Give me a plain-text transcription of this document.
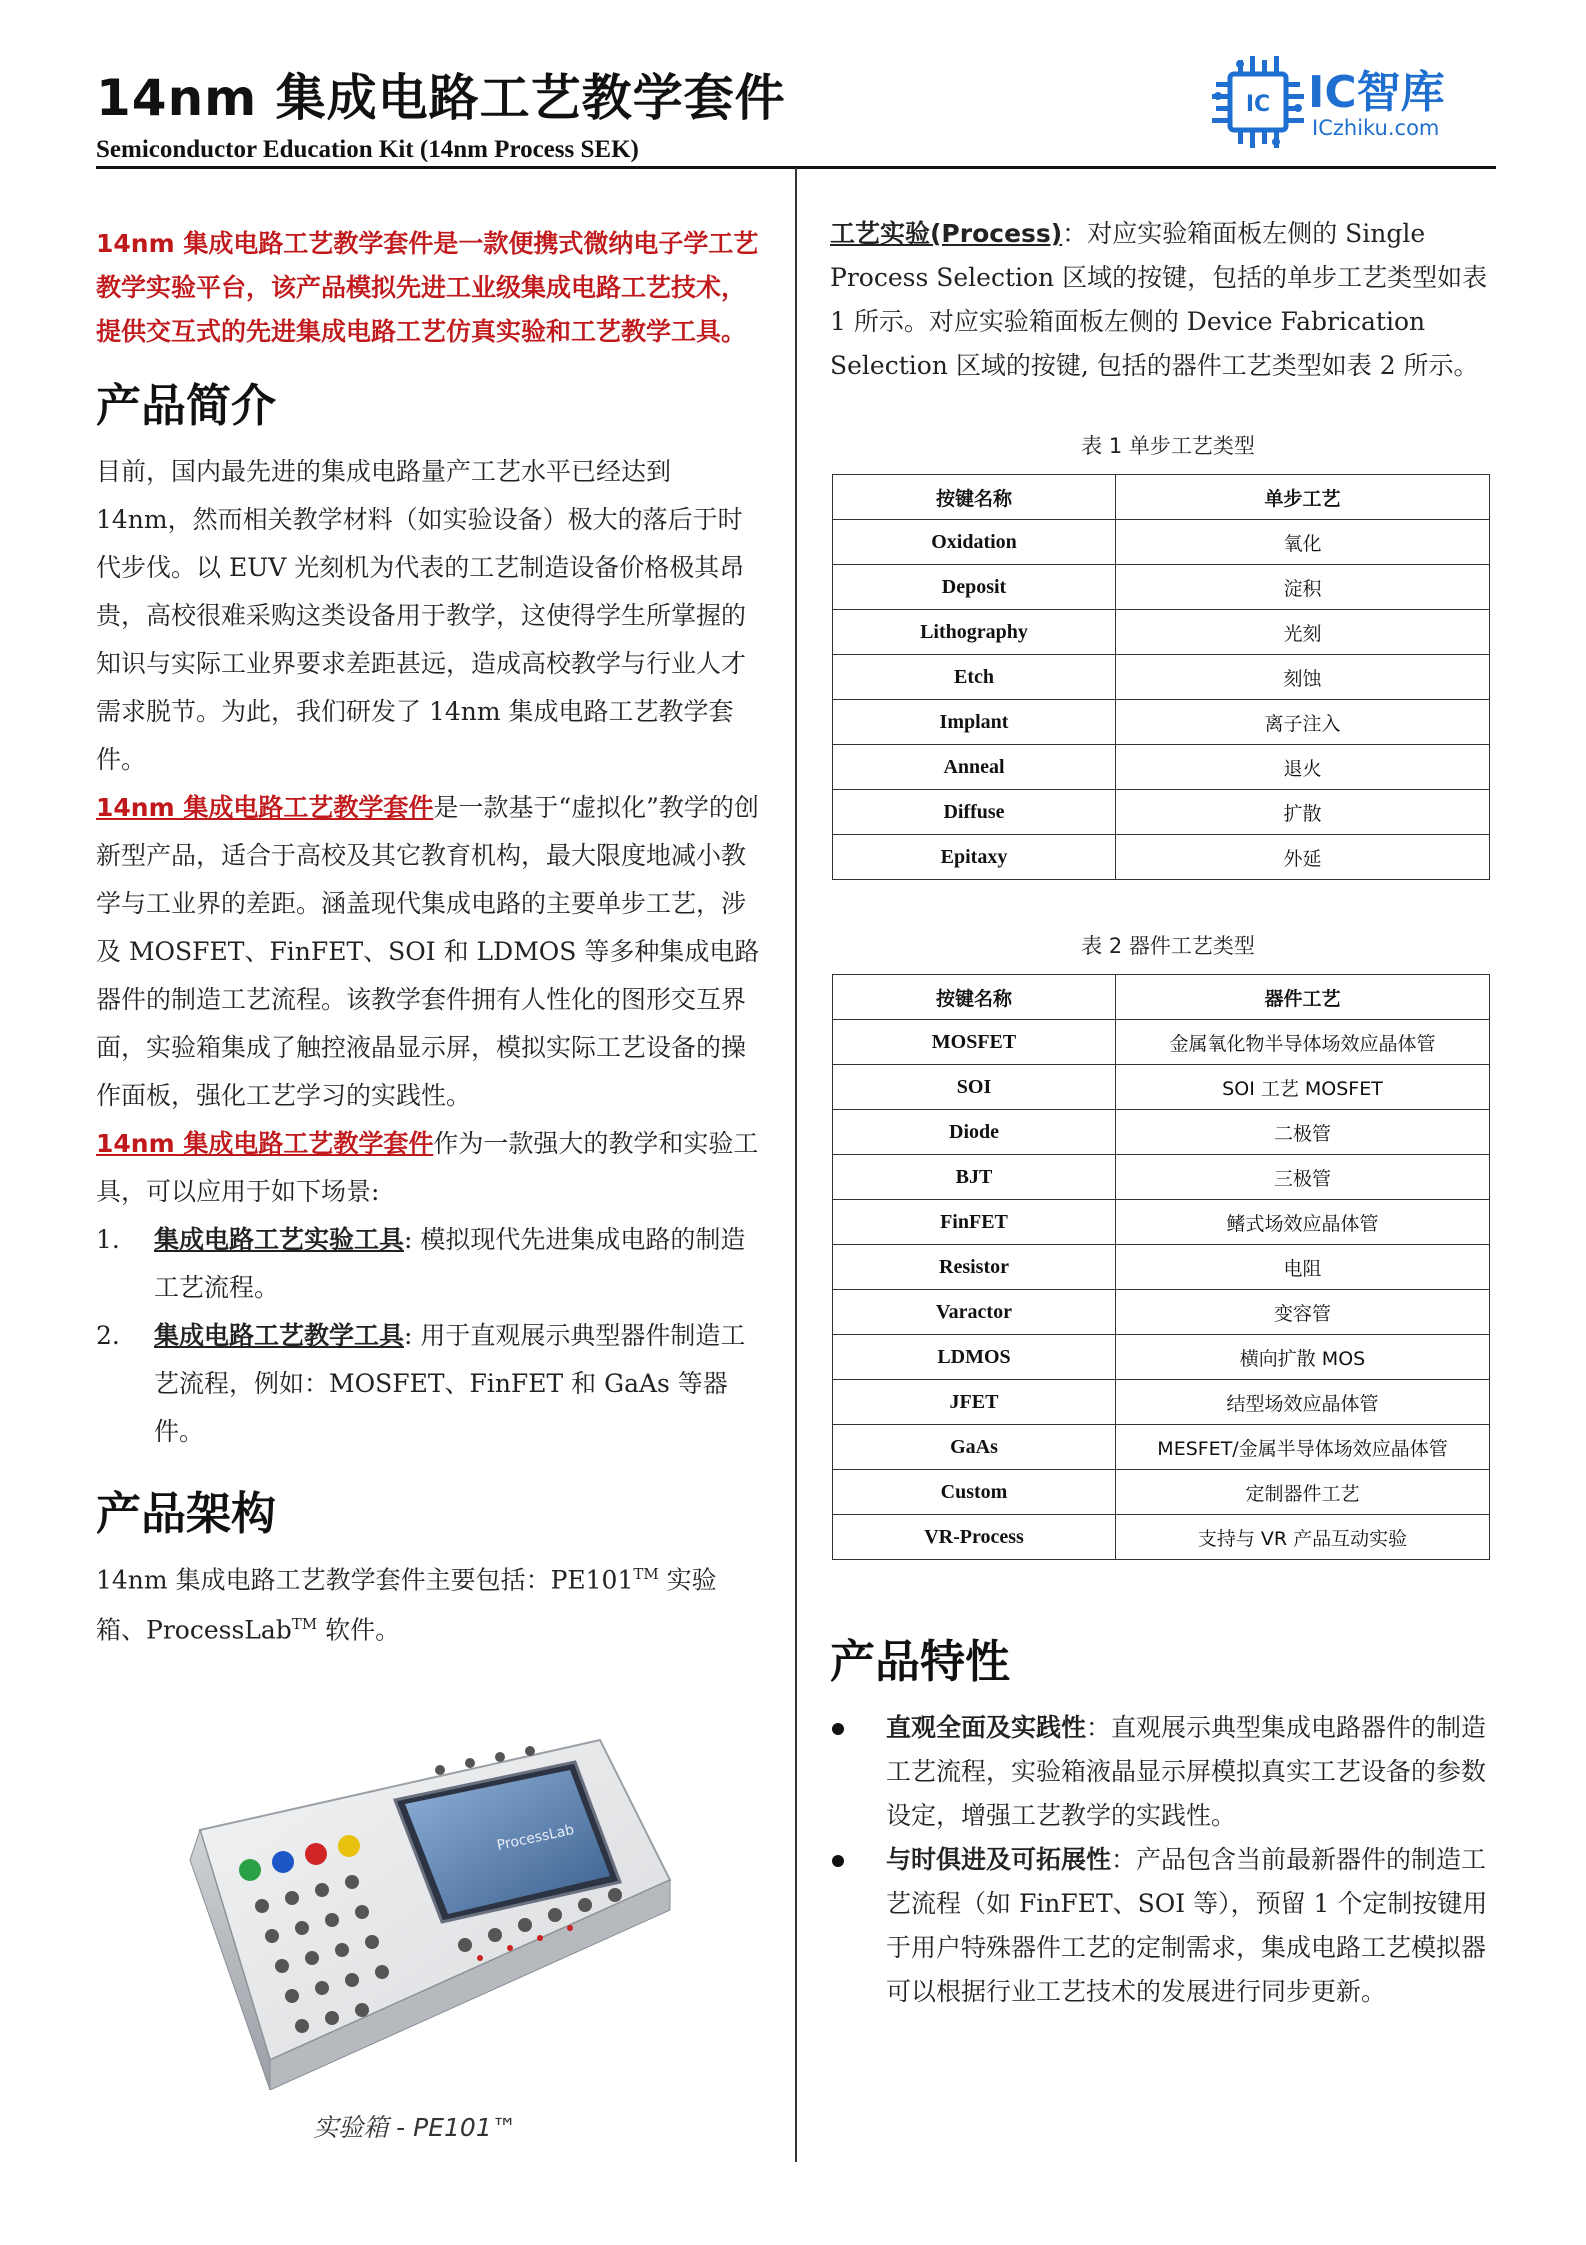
14nm 集成电路工艺教学套件
Semiconductor Education Kit (14nm Process SEK)
IC IC智库
ICzhiku.com

14nm 集成电路工艺教学套件是一款便携式微纳电子学工艺教学实验平台，该产品模拟先进工业级集成电路工艺技术，提供交互式的先进集成电路工艺仿真实验和工艺教学工具。

产品简介

目前，国内最先进的集成电路量产工艺水平已经达到14nm，然而相关教学材料（如实验设备）极大的落后于时代步伐。以 EUV 光刻机为代表的工艺制造设备价格极其昂贵，高校很难采购这类设备用于教学，这使得学生所掌握的知识与实际工业界要求差距甚远，造成高校教学与行业人才需求脱节。为此，我们研发了 14nm 集成电路工艺教学套件。

14nm 集成电路工艺教学套件是一款基于“虚拟化”教学的创新型产品，适合于高校及其它教育机构，最大限度地减小教学与工业界的差距。涵盖现代集成电路的主要单步工艺，涉及 MOSFET、FinFET、SOI 和 LDMOS 等多种集成电路器件的制造工艺流程。该教学套件拥有人性化的图形交互界面，实验箱集成了触控液晶显示屏，模拟实际工艺设备的操作面板，强化工艺学习的实践性。

14nm 集成电路工艺教学套件作为一款强大的教学和实验工具，可以应用于如下场景:

1. 集成电路工艺实验工具: 模拟现代先进集成电路的制造工艺流程。
2. 集成电路工艺教学工具: 用于直观展示典型器件制造工艺流程，例如：MOSFET、FinFET 和 GaAs 等器件。
产品架构

14nm 集成电路工艺教学套件主要包括：PE101™ 实验箱、ProcessLab™ 软件。

ProcessLab
实验箱 - PE101™

工艺实验(Process)：对应实验箱面板左侧的 Single Process Selection 区域的按键，包括的单步工艺类型如表 1 所示。对应实验箱面板左侧的 Device Fabrication Selection 区域的按键, 包括的器件工艺类型如表 2 所示。

表 1 单步工艺类型

按键名称	单步工艺
Oxidation	氧化
Deposit	淀积
Lithography	光刻
Etch	刻蚀
Implant	离子注入
Anneal	退火
Diffuse	扩散
Epitaxy	外延

表 2 器件工艺类型

按键名称	器件工艺
MOSFET	金属氧化物半导体场效应晶体管
SOI	SOI 工艺 MOSFET
Diode	二极管
BJT	三极管
FinFET	鳍式场效应晶体管
Resistor	电阻
Varactor	变容管
LDMOS	横向扩散 MOS
JFET	结型场效应晶体管
GaAs	MESFET/金属半导体场效应晶体管
Custom	定制器件工艺
VR-Process	支持与 VR 产品互动实验
产品特性
直观全面及实践性：直观展示典型集成电路器件的制造工艺流程，实验箱液晶显示屏模拟真实工艺设备的参数设定，增强工艺教学的实践性。
与时俱进及可拓展性：产品包含当前最新器件的制造工艺流程（如 FinFET、SOI 等），预留 1 个定制按键用于用户特殊器件工艺的定制需求，集成电路工艺模拟器可以根据行业工艺技术的发展进行同步更新。
